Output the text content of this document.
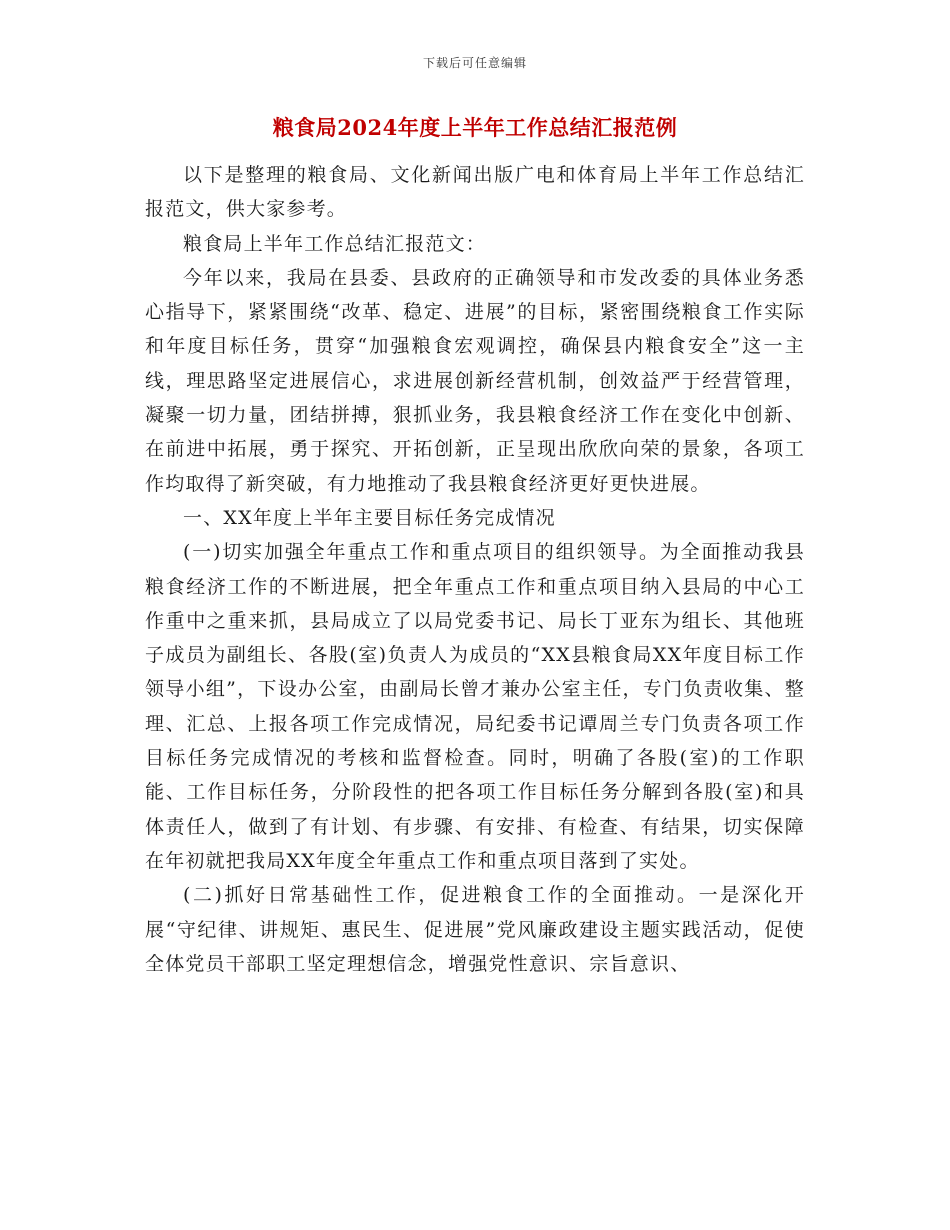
下载后可任意编辑
粮食局2024年度上半年工作总结汇报范例

以下是整理的粮食局、文化新闻出版广电和体育局上半年工作总结汇报范文，供大家参考。

粮食局上半年工作总结汇报范文：

今年以来，我局在县委、县政府的正确领导和市发改委的具体业务悉心指导下，紧紧围绕“改革、稳定、进展”的目标，紧密围绕粮食工作实际和年度目标任务，贯穿“加强粮食宏观调控，确保县内粮食安全”这一主线，理思路坚定进展信心，求进展创新经营机制，创效益严于经营管理，凝聚一切力量，团结拼搏，狠抓业务，我县粮食经济工作在变化中创新、在前进中拓展，勇于探究、开拓创新，正呈现出欣欣向荣的景象，各项工作均取得了新突破，有力地推动了我县粮食经济更好更快进展。

一、XX年度上半年主要目标任务完成情况

(一)切实加强全年重点工作和重点项目的组织领导。为全面推动我县粮食经济工作的不断进展，把全年重点工作和重点项目纳入县局的中心工作重中之重来抓，县局成立了以局党委书记、局长丁亚东为组长、其他班子成员为副组长、各股(室)负责人为成员的“XX县粮食局XX年度目标工作领导小组”，下设办公室，由副局长曾才兼办公室主任，专门负责收集、整理、汇总、上报各项工作完成情况，局纪委书记谭周兰专门负责各项工作目标任务完成情况的考核和监督检查。同时，明确了各股(室)的工作职能、工作目标任务，分阶段性的把各项工作目标任务分解到各股(室)和具体责任人，做到了有计划、有步骤、有安排、有检查、有结果，切实保障在年初就把我局XX年度全年重点工作和重点项目落到了实处。

(二)抓好日常基础性工作，促进粮食工作的全面推动。一是深化开展“守纪律、讲规矩、惠民生、促进展”党风廉政建设主题实践活动，促使全体党员干部职工坚定理想信念，增强党性意识、宗旨意识、
